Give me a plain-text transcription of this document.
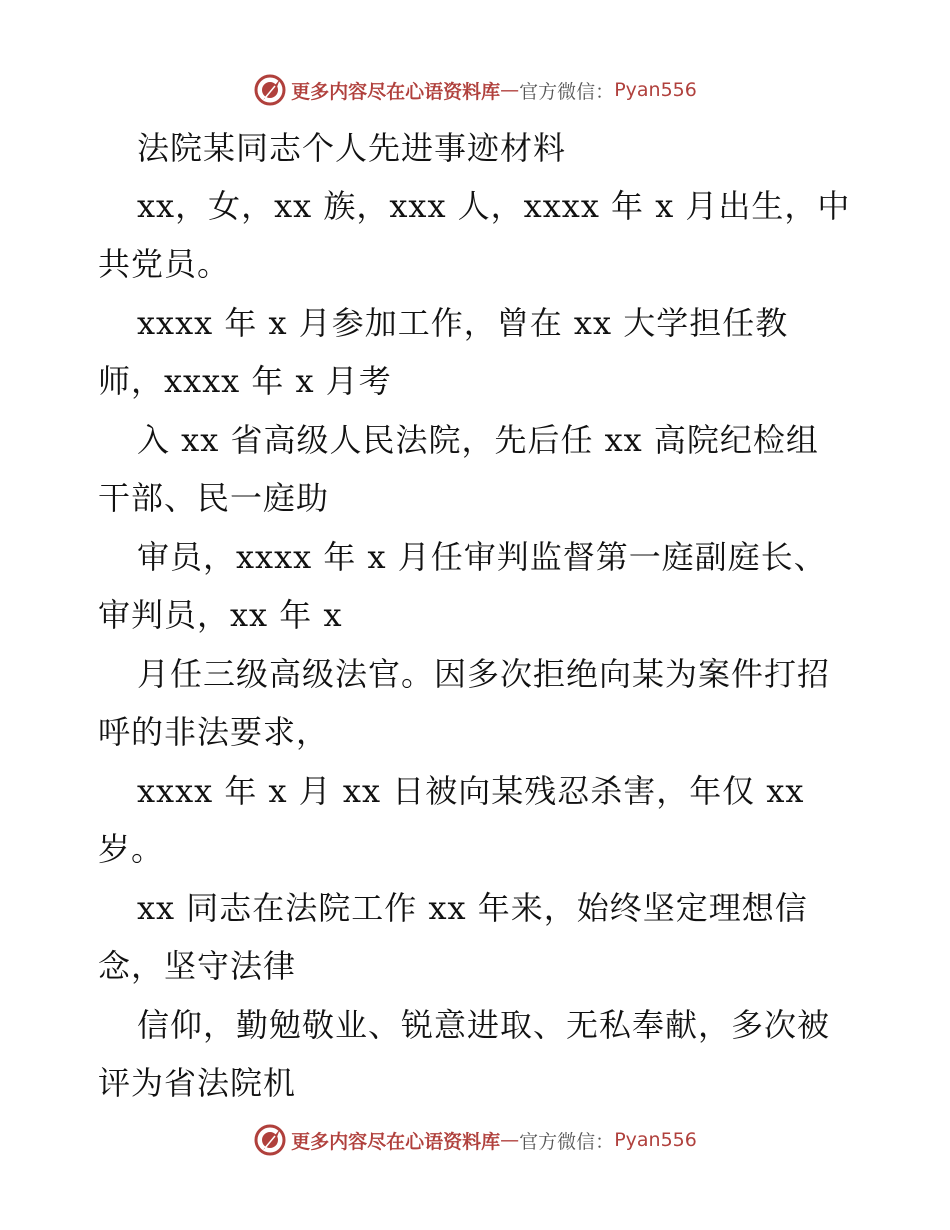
更多内容尽在心语资料库 — 官方微信： Pyan556
法院某同志个人先进事迹材料
xx，女，xx 族，xxx 人，xxxx 年 x 月出生，中
共党员。
xxxx 年 x 月参加工作，曾在 xx 大学担任教
师，xxxx 年 x 月考
入 xx 省高级人民法院，先后任 xx 高院纪检组
干部、民一庭助
审员，xxxx 年 x 月任审判监督第一庭副庭长、
审判员，xx 年 x
月任三级高级法官。因多次拒绝向某为案件打招
呼的非法要求，
xxxx 年 x 月 xx 日被向某残忍杀害，年仅 xx
岁。
xx 同志在法院工作 xx 年来，始终坚定理想信
念，坚守法律
信仰，勤勉敬业、锐意进取、无私奉献，多次被
评为省法院机
更多内容尽在心语资料库 — 官方微信： Pyan556
